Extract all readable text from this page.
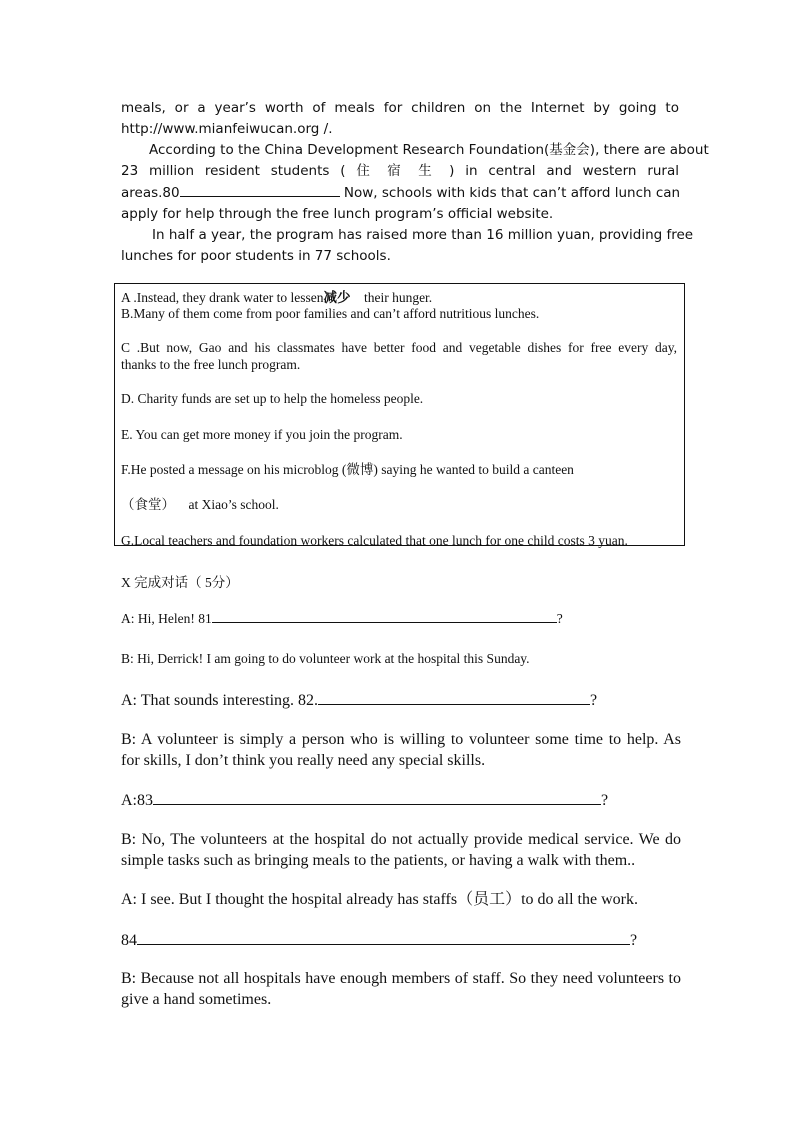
meals, or a year’s worth of meals for children on the Internet by going to
http://www.mianfeiwucan.org /.
According to the China Development Research Foundation(基金会), there are about
23 million resident students ( 住 宿 生 ) in central and western rural
areas.80	Now, schools with kids that can’t afford lunch can
apply for help through the free lunch program’s official website.
In half a year, the program has raised more than 16 million yuan, providing free
lunches for poor students in 77 schools.

A .Instead, they drank water to lessen减少 their hunger.

B.Many of them come from poor families and can’t afford nutritious lunches.

C .But now, Gao and his classmates have better food and vegetable dishes for free every day,
thanks to the free lunch program.

D. Charity funds are set up to help the homeless people.

E. You can get more money if you join the program.

F.He posted a message on his microblog (微博) saying he wanted to build a canteen

（食堂） at Xiao’s school.

G.Local teachers and foundation workers calculated that one lunch for one child costs 3 yuan.

X 完成对话（ 5分）

A: Hi, Helen! 81	?

B: Hi, Derrick! I am going to do volunteer work at the hospital this Sunday.

A: That sounds interesting. 82.	?

B: A volunteer is simply a person who is willing to volunteer some time to help. As
for skills, I don’t think you really need any special skills.

A:83	?

B: No, The volunteers at the hospital do not actually provide medical service. We do
simple tasks such as bringing meals to the patients, or having a walk with them..

A: I see. But I thought the hospital already has staffs（员工）to do all the work.

84	?

B: Because not all hospitals have enough members of staff. So they need volunteers to
give a hand sometimes.
